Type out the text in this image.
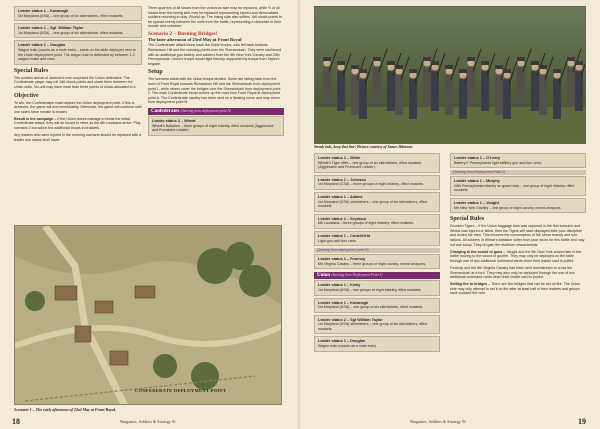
Leader status 1 – Kavanagh
1st Maryland (USA) – one group of six skirmishers, rifled muskets.
Leader status 1 – Sgt. William Taylor
1st Maryland (USA) – one group of six skirmishers, rifled muskets.
Leader status 1 – Douglas
Wagon train (counts as a mule train) – starts on the table deployed next to the Union deployment point. The wagon train is defended by between 1-3 wagon mules and crew.
Special Rules

The sudden arrival of Jackson's men surprised the Union defenders. The Confederate player may roll 1d6 shock points and share them between the Union units. No unit may have more than three points of shock allocated to it.

Objective

To win, the Confederates must capture the Union deployment point. If this is achieved, the game will end immediately. Otherwise, the game will continue until one side's force morale is broken.

Result in the campaign – If the Union forces manage to break the initial Confederate attack, they will be forced to retire as the 6th Louisiana arrive. Play scenario 2 but add in the additional troops in brackets.

Any leaders who were injured in the morning scenario should be replaced with a leader one status level lower.

Three quarters of all losses from the victorious side may be replaced, while ½ of all losses from the losing side may be replaced representing injured and demoralised soldiers returning to duty. Round up. The losing side also suffers 1d6 shock points to be spread evenly between the units from the battle, representing a decrease in their morale and cohesion.

Scenario 2 – Burning Bridges!
The later afternoon of 23rd May at Front Royal

The Confederate attack threw back the Union troops, who fell back towards Richardson Hill and the crossing points over the Shenandoah. They were reinforced with an additional gun battery and soldiers from the 5th New York Cavalry and 29th Pennsylvania. Union's troops would fight fiercely, supported by troops from Taylor's brigade.

Setup

The scenario starts with the Union troops divided. Some are falling back from the town of Front Royal towards Richardson Hill and the Shenandoah from deployment point 1, while others cover the bridges over the Shenandoah from deployment point 2. The main Confederate thrust arrives up the road from Front Royal at deployment point A. The Confederate cavalry has been sent on a flanking move and may arrive from deployment point B.

Confederates (Starting from deployment point A)
Leader status 3 – Wheat
Wheat's Battalion – three groups of eight infantry, rifled muskets (Aggressive and Prominent Leader).
CONFEDERATE DEPLOYMENT POINT
Scenario 1 – The early afternoon of 23rd May at Front Royal.
18	Wargames, Soldiers & Strategy 91
Steady lads, keep that line! Picture courtesy of James Ibbotson.
Leader status 2 – White
Wheat's Tiger rifles – one group of six skirmishers, rifled muskets (Aggressive and Prominent Leader).
Leader status 2 – Johnson
1st Maryland (CSA) – three groups of eight infantry, rifled muskets.
Leader status 1 – Adams
1st Maryland (CSA) skirmishers – one group of six skirmishers, rifled muskets.
Leader status 2 – Seymour
6th Louisiana – three groups of eight infantry, rifled muskets.
Leader status 1 – Crutchfield
Light gun and four crew.
(Starting from deployment point B)
Leader status 1 – Fournoy
6th Virginia Cavalry – three groups of eight cavalry, mixed weapons.
Union (Starting from Deployment Point 1)
Leader status 1 – Kenly
1st Maryland (USA) – two groups of eight infantry, rifled muskets.
Leader status 1 – Kavanagh
1st Maryland (USA) – one group of six skirmishers, rifled muskets.
Leader status 2 – Sgt William Taylor
1st Maryland (USA) skirmishers – one group of six skirmishers, rifled muskets.
Leader status 1 – Douglas
Wagon train (counts as a mule train).
Leader status 1 – O'Leary
Battery E Pennsylvania light artillery gun and four crew.
(Starting from Deployment Point 2)
Leader status 1 – Murphy
29th Pennsylvania infantry on guard duty – one group of eight infantry, rifled muskets.
Leader status 1 – Vought
5th New York Cavalry – one group of eight cavalry, mixed weapons.
Special Rules

Drunken Tigers – If the Union baggage train was captured in the first scenario and Wheat was injured or killed, then the Tigers will have displayed their poor discipline and looted the train. This involves the consumption of the Union brandy and rum rations. All soldiers in Wheat's battalion suffer from poor shots for this battle and may not use stoop. They do gain the stubborn characteristic.

Charging to the sound of guns – Vaught and the 5th New York arrived late to the battle moving to the sound of gunfire. They may only be deployed on the table through use of two additional command cards when their leader card is pulled.

Fournoy and the 6th Virginia Cavalry had been sent downstream to cross the Shenandoah at a ford. They may also only be deployed through the use of two additional command cards when their leader card is pulled.

Setting fire to bridges – There are two bridges that can be set on fire. The Union side may only attempt to set it on fire after at least half of their leaders and groups have crossed the river.

Wargames, Soldiers & Strategy 91	19
